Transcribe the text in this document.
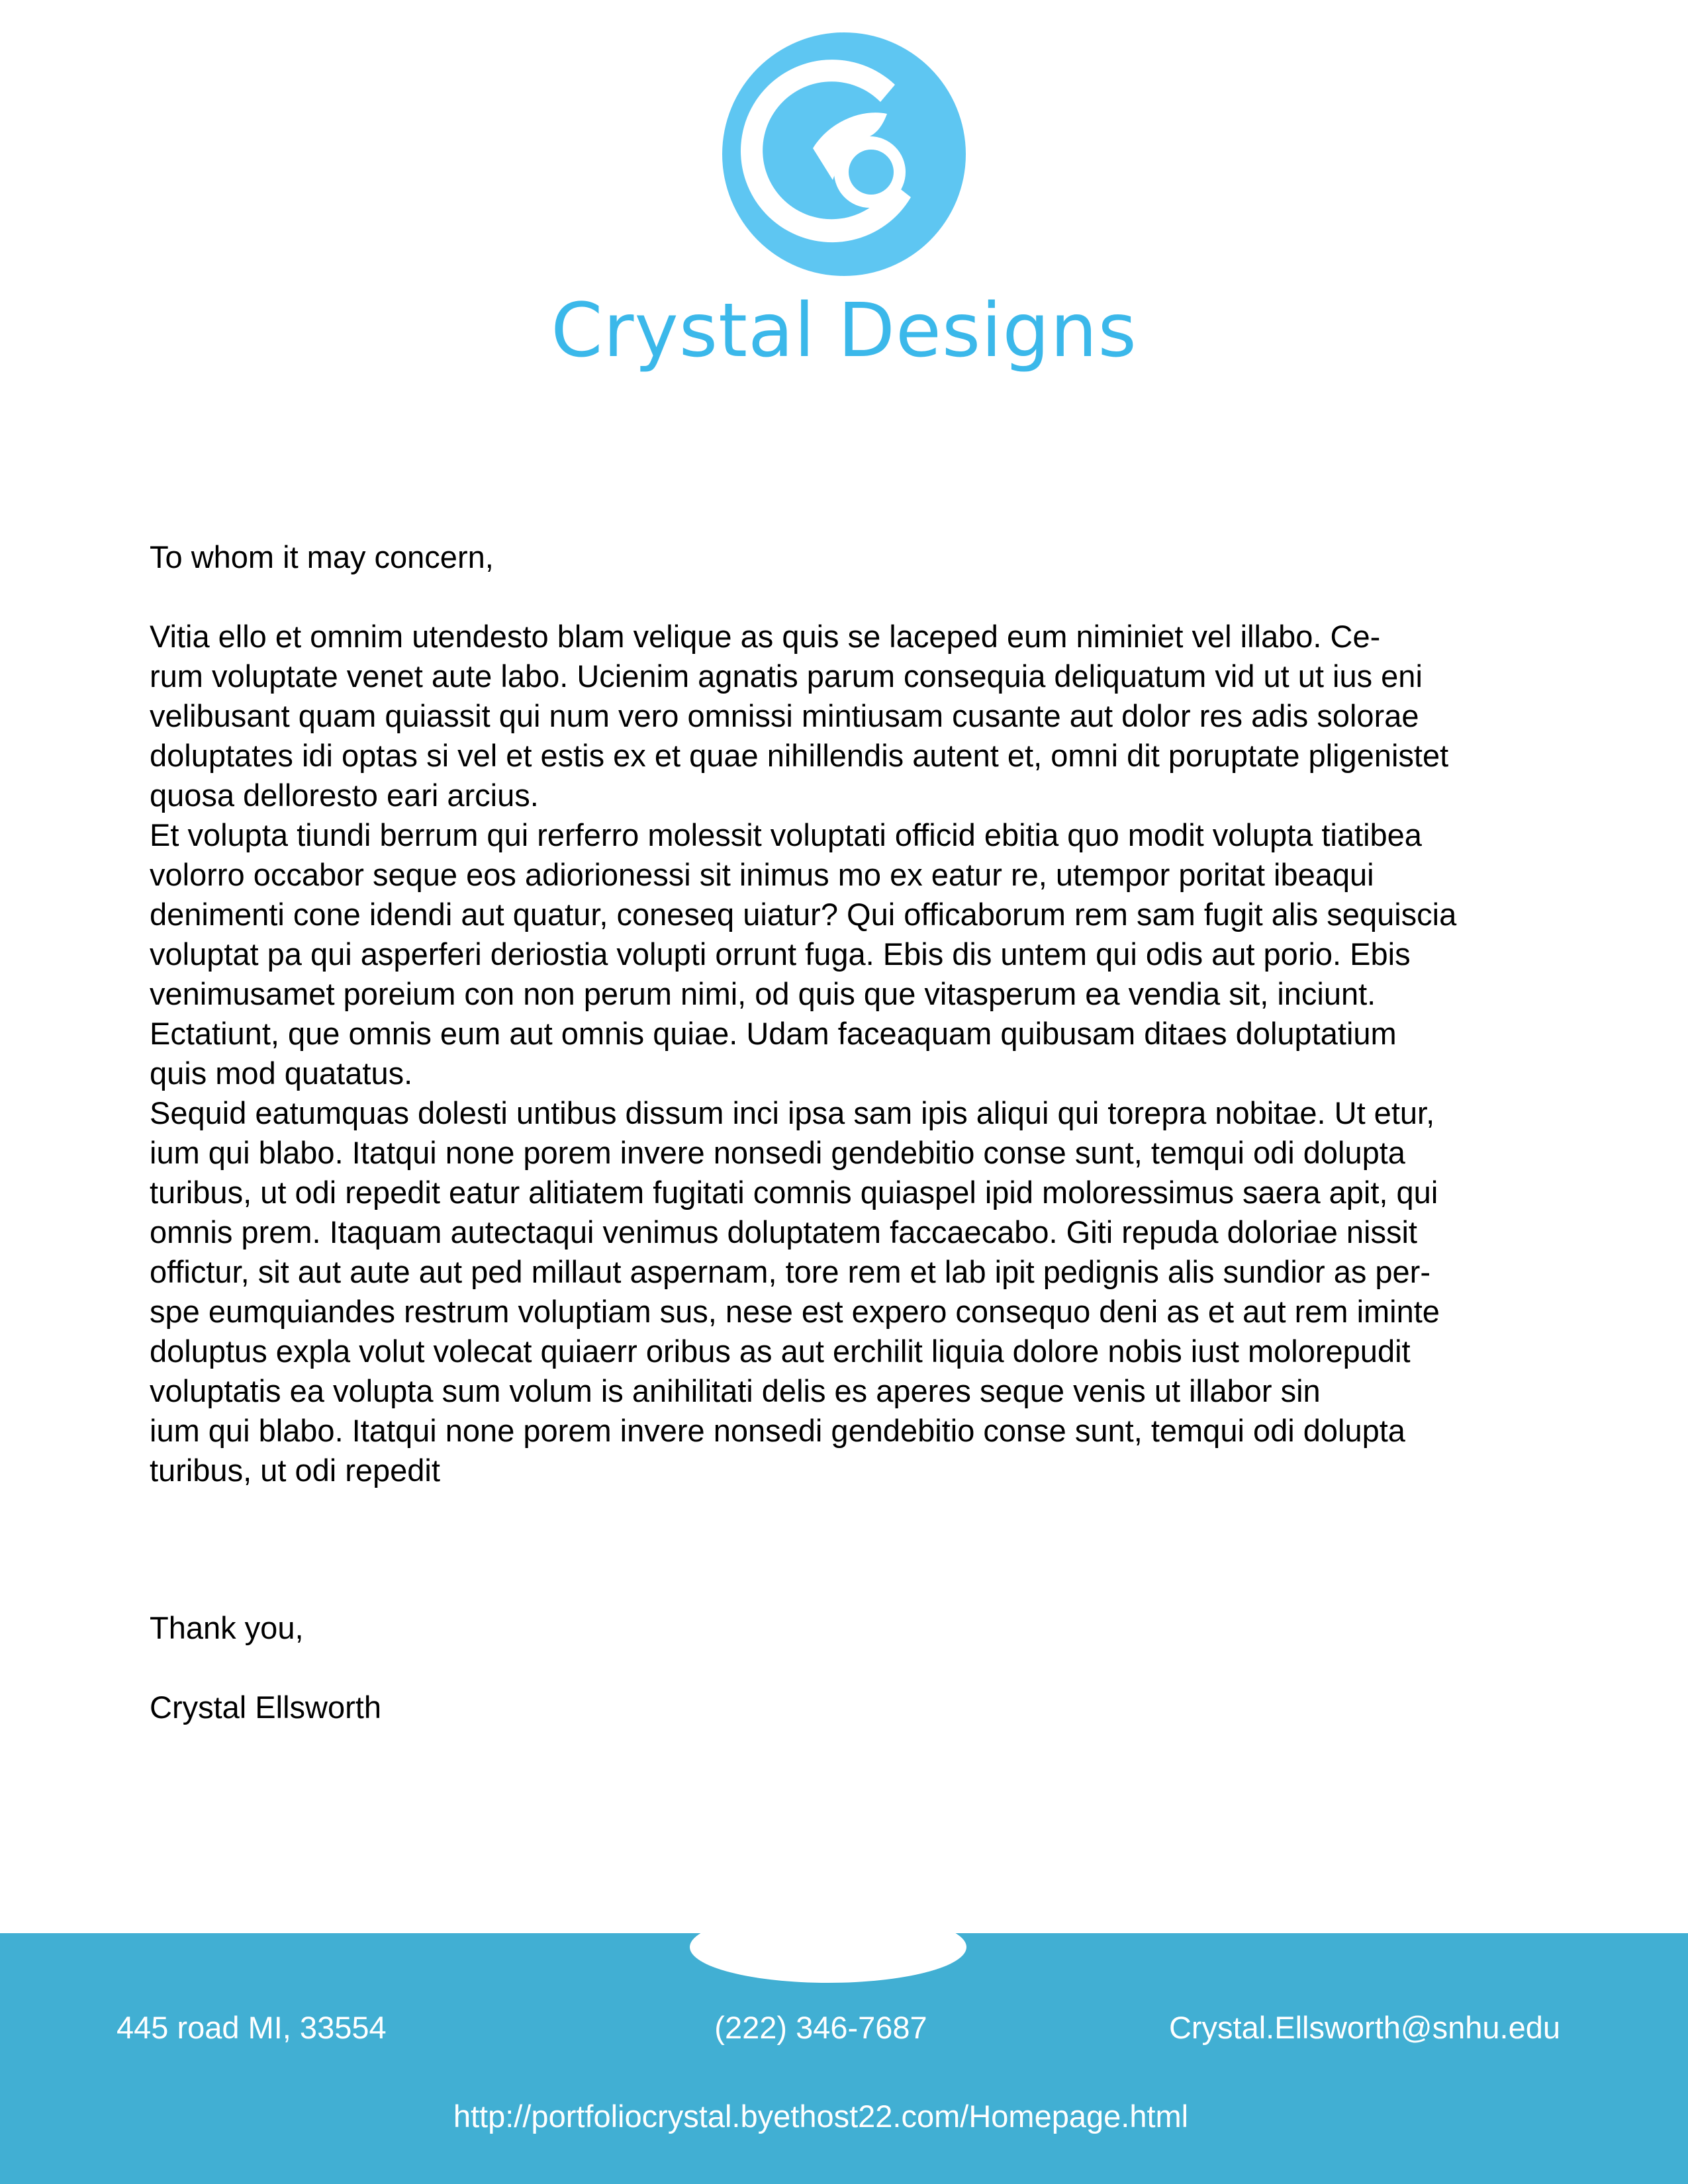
Crystal Designs

To whom it may concern,

Vitia ello et omnim utendesto blam velique as quis se laceped eum niminiet vel illabo. Ce-
rum voluptate venet aute labo. Ucienim agnatis parum consequia deliquatum vid ut ut ius eni
velibusant quam quiassit qui num vero omnissi mintiusam cusante aut dolor res adis solorae
doluptates idi optas si vel et estis ex et quae nihillendis autent et, omni dit poruptate pligenistet
quosa delloresto eari arcius.

Et volupta tiundi berrum qui rerferro molessit voluptati officid ebitia quo modit volupta tiatibea
volorro occabor seque eos adiorionessi sit inimus mo ex eatur re, utempor poritat ibeaqui
denimenti cone idendi aut quatur, coneseq uiatur? Qui officaborum rem sam fugit alis sequiscia
voluptat pa qui asperferi deriostia volupti orrunt fuga. Ebis dis untem qui odis aut porio. Ebis
venimusamet poreium con non perum nimi, od quis que vitasperum ea vendia sit, inciunt.
Ectatiunt, que omnis eum aut omnis quiae. Udam faceaquam quibusam ditaes doluptatium
quis mod quatatus.

Sequid eatumquas dolesti untibus dissum inci ipsa sam ipis aliqui qui torepra nobitae. Ut etur,
ium qui blabo. Itatqui none porem invere nonsedi gendebitio conse sunt, temqui odi dolupta
turibus, ut odi repedit eatur alitiatem fugitati comnis quiaspel ipid moloressimus saera apit, qui
omnis prem. Itaquam autectaqui venimus doluptatem faccaecabo. Giti repuda doloriae nissit
offictur, sit aut aute aut ped millaut aspernam, tore rem et lab ipit pedignis alis sundior as per-
spe eumquiandes restrum voluptiam sus, nese est expero consequo deni as et aut rem iminte
doluptus expla volut volecat quiaerr oribus as aut erchilit liquia dolore nobis iust molorepudit
voluptatis ea volupta sum volum is anihilitati delis es aperes seque venis ut illabor sin
ium qui blabo. Itatqui none porem invere nonsedi gendebitio conse sunt, temqui odi dolupta
turibus, ut odi repedit

Thank you,
Crystal Ellsworth
445 road MI, 33554	(222) 346-7687	Crystal.Ellsworth@snhu.edu
http://portfoliocrystal.byethost22.com/Homepage.html
